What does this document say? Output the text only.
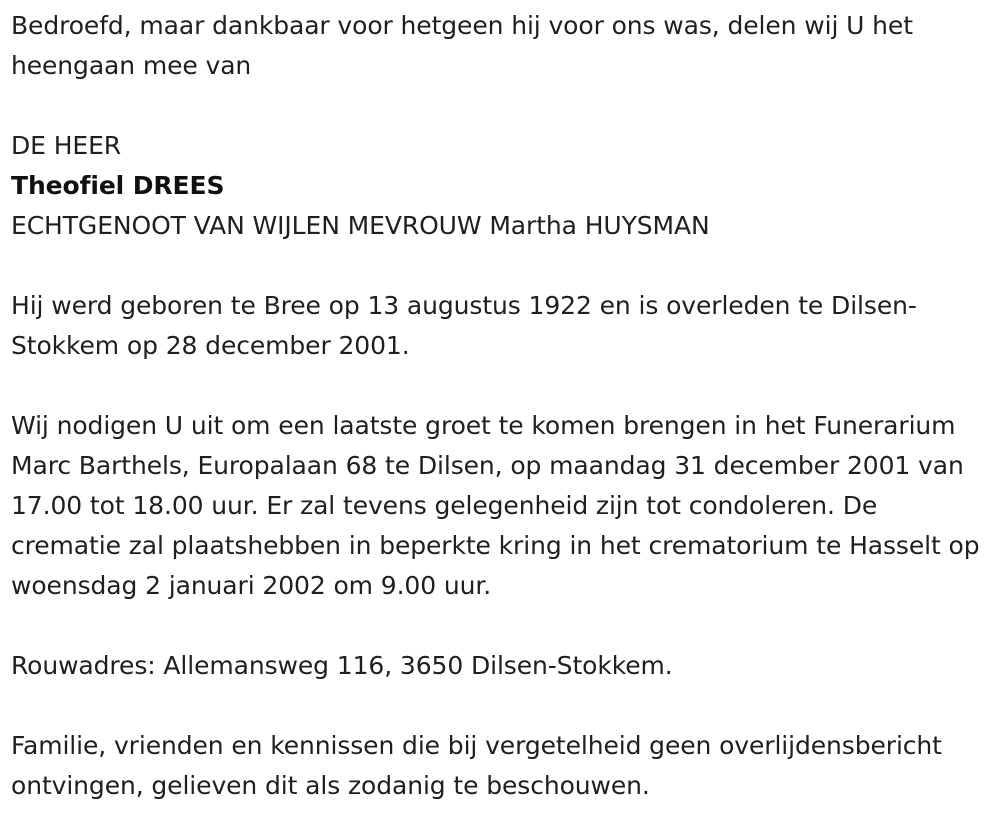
Bedroefd, maar dankbaar voor hetgeen hij voor ons was, delen wij U het heengaan mee van

DE HEER

Theofiel DREES

ECHTGENOOT VAN WIJLEN MEVROUW Martha HUYSMAN

Hij werd geboren te Bree op 13 augustus 1922 en is overleden te Dilsen-Stokkem op 28 december 2001.

Wij nodigen U uit om een laatste groet te komen brengen in het Funerarium Marc Barthels, Europalaan 68 te Dilsen, op maandag 31 december 2001 van 17.00 tot 18.00 uur. Er zal tevens gelegenheid zijn tot condoleren. De crematie zal plaatshebben in beperkte kring in het crematorium te Hasselt op woensdag 2 januari 2002 om 9.00 uur.

Rouwadres: Allemansweg 116, 3650 Dilsen-Stokkem.

Familie, vrienden en kennissen die bij vergetelheid geen overlijdensbericht ontvingen, gelieven dit als zodanig te beschouwen.
